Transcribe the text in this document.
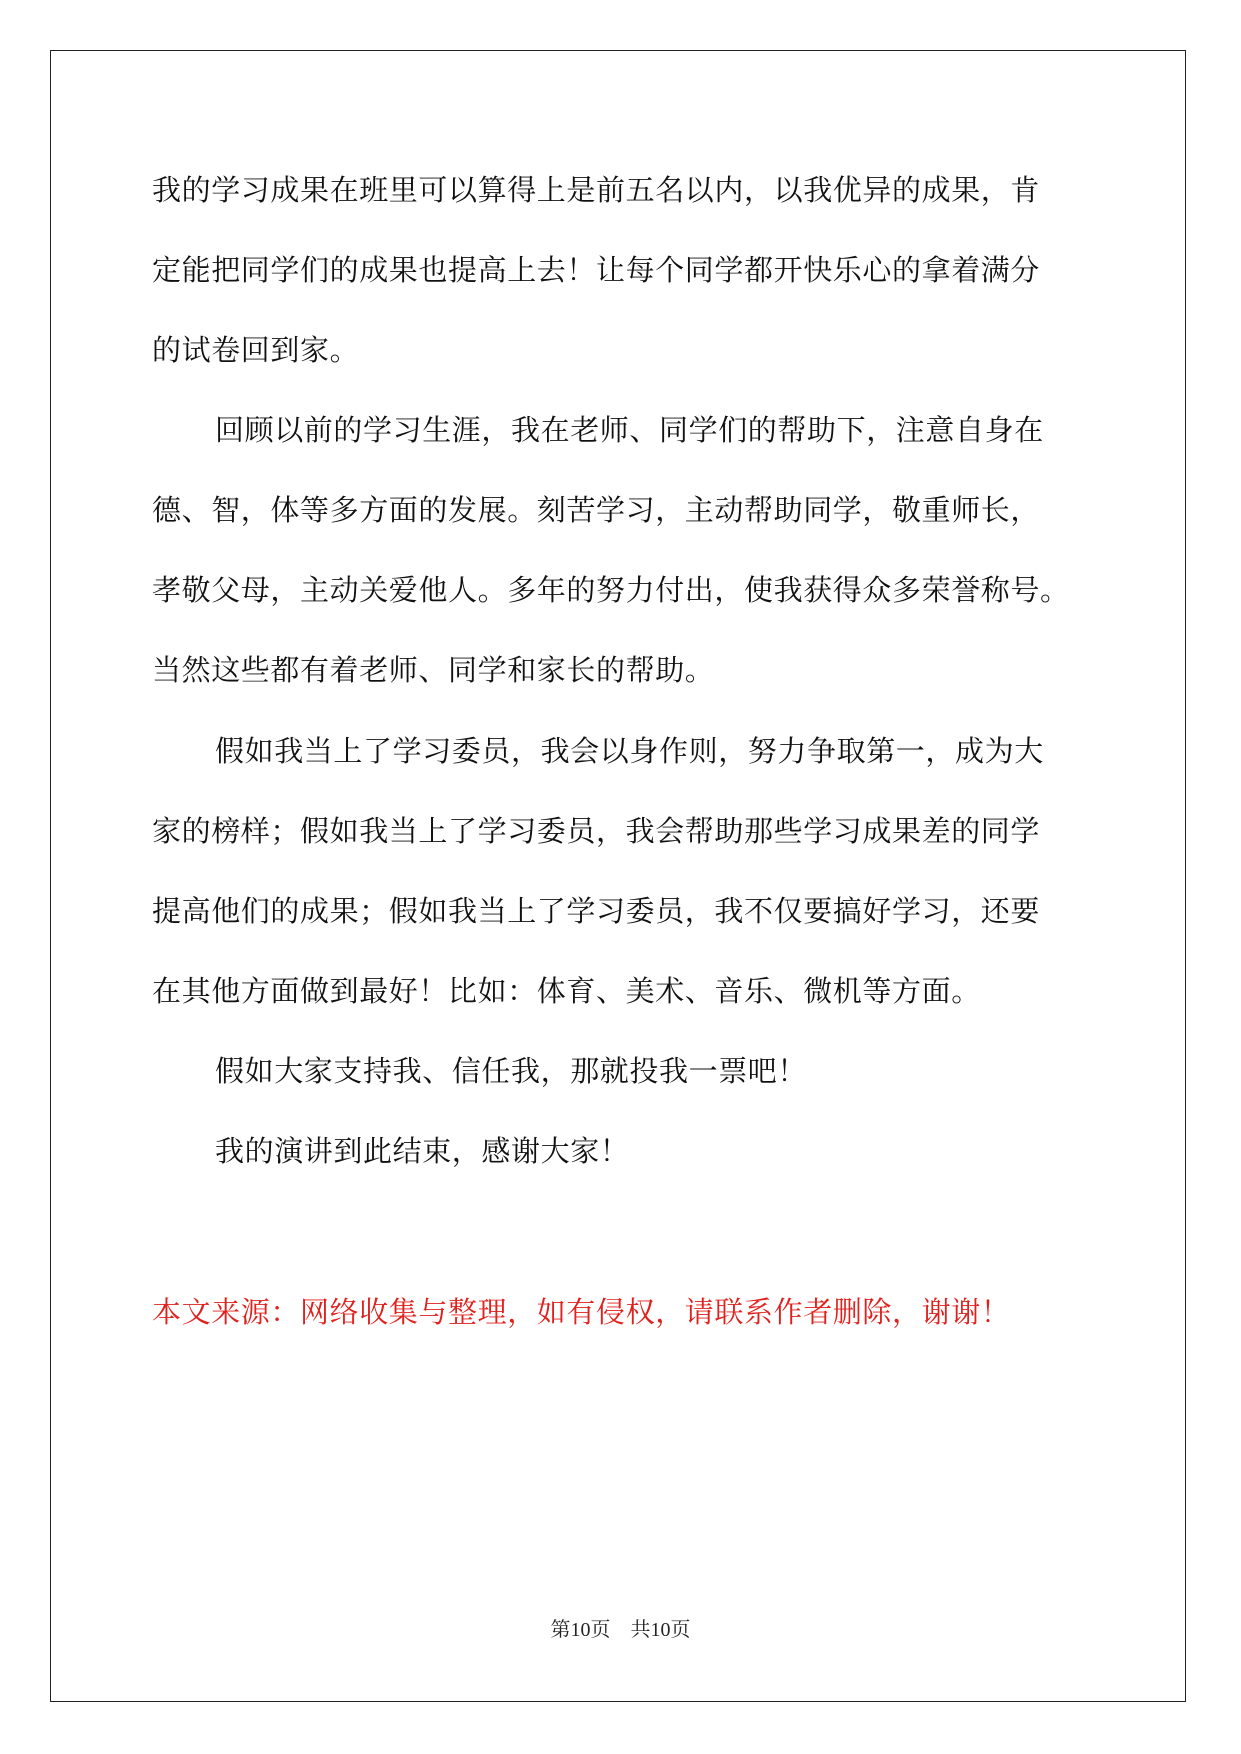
我的学习成果在班里可以算得上是前五名以内，以我优异的成果，肯
定能把同学们的成果也提高上去！让每个同学都开快乐心的拿着满分
的试卷回到家。
回顾以前的学习生涯，我在老师、同学们的帮助下，注意自身在
德、智，体等多方面的发展。刻苦学习，主动帮助同学，敬重师长，
孝敬父母，主动关爱他人。多年的努力付出，使我获得众多荣誉称号。
当然这些都有着老师、同学和家长的帮助。
假如我当上了学习委员，我会以身作则，努力争取第一，成为大
家的榜样；假如我当上了学习委员，我会帮助那些学习成果差的同学
提高他们的成果；假如我当上了学习委员，我不仅要搞好学习，还要
在其他方面做到最好！比如：体育、美术、音乐、微机等方面。
假如大家支持我、信任我，那就投我一票吧！
我的演讲到此结束，感谢大家！
本文来源：网络收集与整理，如有侵权，请联系作者删除，谢谢！
第10页　共10页
